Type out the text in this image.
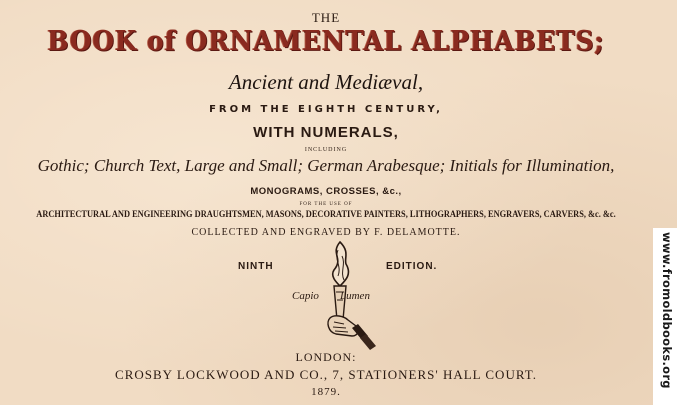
THE
BOOK of ORNAMENTAL ALPHABETS;
Ancient and Mediæval,
FROM THE EIGHTH CENTURY,
WITH NUMERALS,
INCLUDING
Gothic; Church Text, Large and Small; German Arabesque; Initials for Illumination,
MONOGRAMS, CROSSES, &c.,
FOR THE USE OF
ARCHITECTURAL AND ENGINEERING DRAUGHTSMEN, MASONS, DECORATIVE PAINTERS, LITHOGRAPHERS, ENGRAVERS, CARVERS, &c. &c.
COLLECTED AND ENGRAVED BY F. DELAMOTTE.
NINTH	EDITION.
Capio Lumen
LONDON:
CROSBY LOCKWOOD AND CO., 7, STATIONERS' HALL COURT.
1879.
www.fromoldbooks.org
